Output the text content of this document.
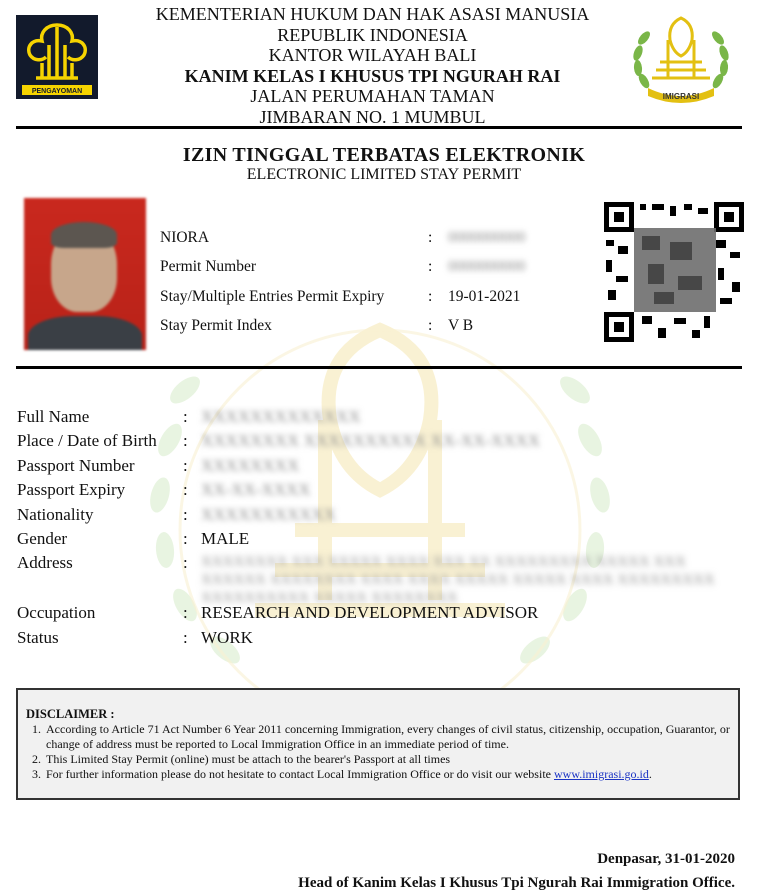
PENGAYOMAN
IMIGRASI
KEMENTERIAN HUKUM DAN HAK ASASI MANUSIA
REPUBLIK INDONESIA
KANTOR WILAYAH BALI
KANIM KELAS I KHUSUS TPI NGURAH RAI
JALAN PERUMAHAN TAMAN
JIMBARAN NO. 1 MUMBUL
IZIN TINGGAL TERBATAS ELEKTRONIK
ELECTRONIC LIMITED STAY PERMIT
NIORA	: 0000000000
Permit Number	: 0000000000
Stay/Multiple Entries Permit Expiry	: 19-01-2021
Stay Permit Index	: V B
Full Name	: XXXXXXXXXXXXX
Place / Date of Birth : XXXXXXXX XXXXXXXXXX XX-XX-XXXX
Passport Number	: XXXXXXXX
Passport Expiry	: XX-XX-XXXX
Nationality	: XXXXXXXXXXX
Gender	: MALE
Address	: XXXXXXXX XXX XXXXX XXXX XXX XX XXXXXXXXX XXXXX XXX XXXXXX XXXXXXXX XXXX XXXX XXXXX XXXXX XXXX XXXXXXXXX XXXXXXXXXX XXXXX XXXXXXXX
Occupation	: RESEARCH AND DEVELOPMENT ADVISOR
Status	: WORK
DISCLAIMER :
1. According to Article 71 Act Number 6 Year 2011 concerning Immigration, every changes of civil status, citizenship, occupation, Guarantor, or change of address must be reported to Local Immigration Office in an immediate period of time.
2. This Limited Stay Permit (online) must be attach to the bearer's Passport at all times
3. For further information please do not hesitate to contact Local Immigration Office or do visit our website www.imigrasi.go.id.
Denpasar, 31-01-2020
Head of Kanim Kelas I Khusus Tpi Ngurah Rai Immigration Office.
